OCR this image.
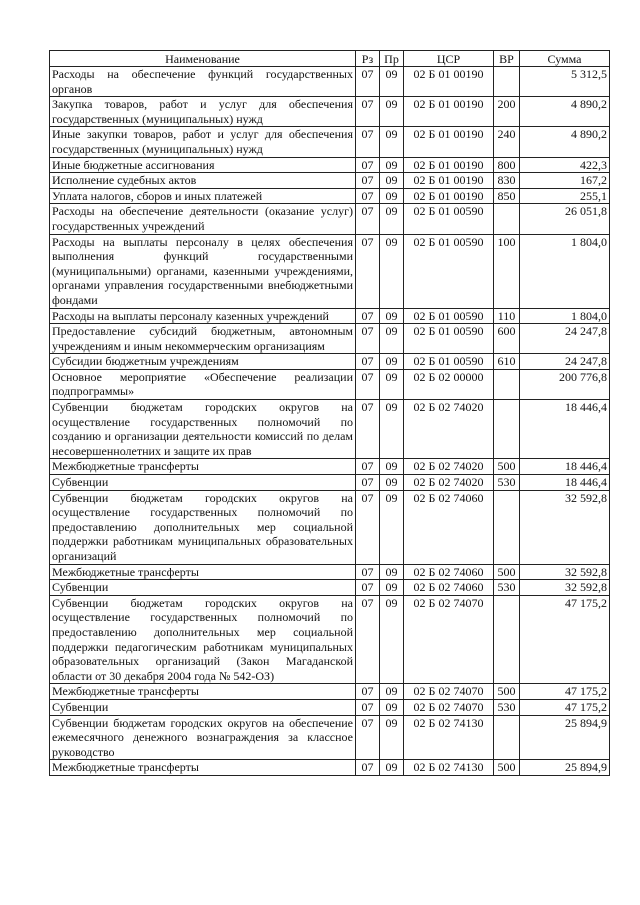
Наименование	Рз	Пр	ЦСР	ВР	Сумма
Расходы на обеспечение функций государственных органов	07	09	02 Б 01 00190		5 312,5
Закупка товаров, работ и услуг для обеспечения государственных (муниципальных) нужд	07	09	02 Б 01 00190	200	4 890,2
Иные закупки товаров, работ и услуг для обеспечения государственных (муниципальных) нужд	07	09	02 Б 01 00190	240	4 890,2
Иные бюджетные ассигнования	07	09	02 Б 01 00190	800	422,3
Исполнение судебных актов	07	09	02 Б 01 00190	830	167,2
Уплата налогов, сборов и иных платежей	07	09	02 Б 01 00190	850	255,1
Расходы на обеспечение деятельности (оказание услуг) государственных учреждений	07	09	02 Б 01 00590		26 051,8
Расходы на выплаты персоналу в целях обеспечения выполнения функций государственными (муниципальными) органами, казенными учреждениями, органами управления государственными внебюджетными фондами	07	09	02 Б 01 00590	100	1 804,0
Расходы на выплаты персоналу казенных учреждений	07	09	02 Б 01 00590	110	1 804,0
Предоставление субсидий бюджетным, автономным учреждениям и иным некоммерческим организациям	07	09	02 Б 01 00590	600	24 247,8
Субсидии бюджетным учреждениям	07	09	02 Б 01 00590	610	24 247,8
Основное мероприятие «Обеспечение реализации подпрограммы»	07	09	02 Б 02 00000		200 776,8
Субвенции бюджетам городских округов на осуществление государственных полномочий по созданию и организации деятельности комиссий по делам несовершеннолетних и защите их прав	07	09	02 Б 02 74020		18 446,4
Межбюджетные трансферты	07	09	02 Б 02 74020	500	18 446,4
Субвенции	07	09	02 Б 02 74020	530	18 446,4
Субвенции бюджетам городских округов на осуществление государственных полномочий по предоставлению дополнительных мер социальной поддержки работникам муниципальных образовательных организаций	07	09	02 Б 02 74060		32 592,8
Межбюджетные трансферты	07	09	02 Б 02 74060	500	32 592,8
Субвенции	07	09	02 Б 02 74060	530	32 592,8
Субвенции бюджетам городских округов на осуществление государственных полномочий по предоставлению дополнительных мер социальной поддержки педагогическим работникам муниципальных образовательных организаций (Закон Магаданской области от 30 декабря 2004 года № 542-ОЗ)	07	09	02 Б 02 74070		47 175,2
Межбюджетные трансферты	07	09	02 Б 02 74070	500	47 175,2
Субвенции	07	09	02 Б 02 74070	530	47 175,2
Субвенции бюджетам городских округов на обеспечение ежемесячного денежного вознаграждения за классное руководство	07	09	02 Б 02 74130		25 894,9
Межбюджетные трансферты	07	09	02 Б 02 74130	500	25 894,9
